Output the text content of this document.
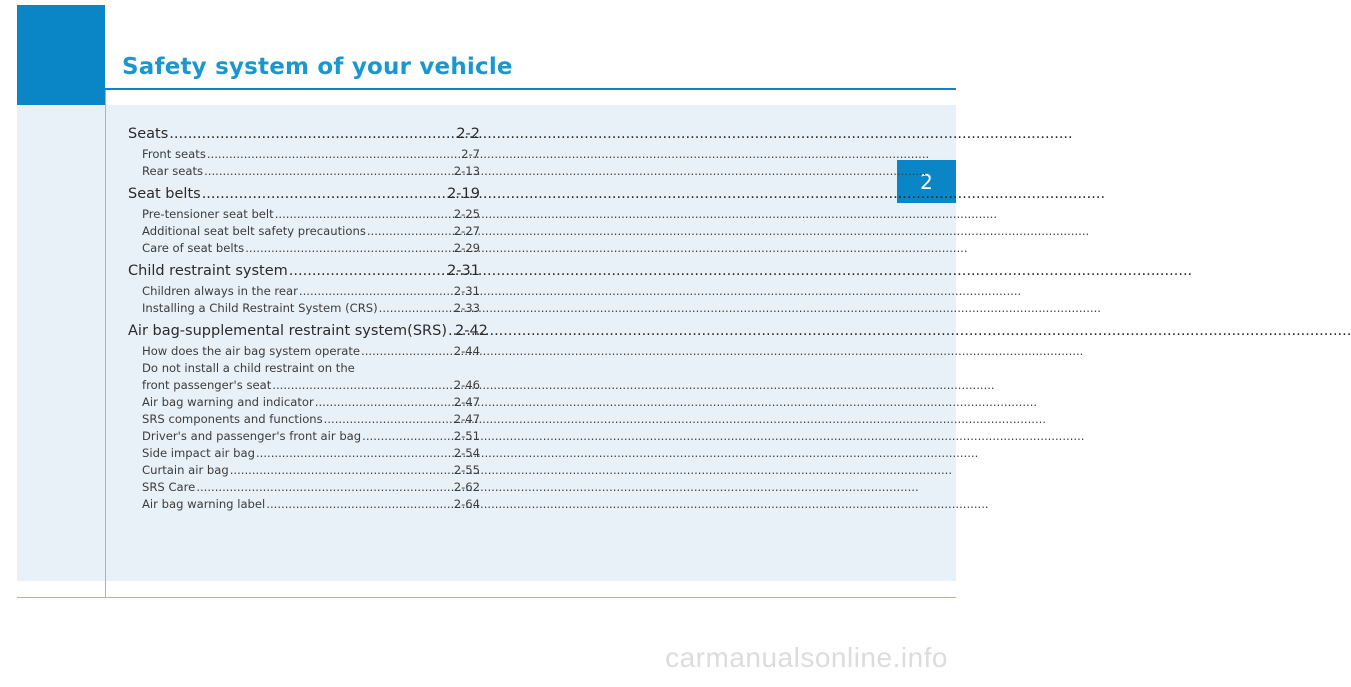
Safety system of your vehicle
2
Seats .....	2-2
Front seats .....	2-7
Rear seats .....	2-13
Seat belts .....	2-19
Pre-tensioner seat belt .....	2-25
Additional seat belt safety precautions .....	2-27
Care of seat belts .....	2-29
Child restraint system .....	2-31
Children always in the rear .....	2-31
Installing a Child Restraint System (CRS) .....	2-33
Air bag-supplemental restraint system(SRS) ..... 2-42
How does the air bag system operate .....	2-44
Do not install a child restraint on the
front passenger's seat .....	2-46
Air bag warning and indicator .....	2-47
SRS components and functions .....	2-47
Driver's and passenger's front air bag .....	2-51
Side impact air bag .....	2-54
Curtain air bag .....	2-55
SRS Care .....	2-62
Air bag warning label .....	2-64
carmanualsonline.info
